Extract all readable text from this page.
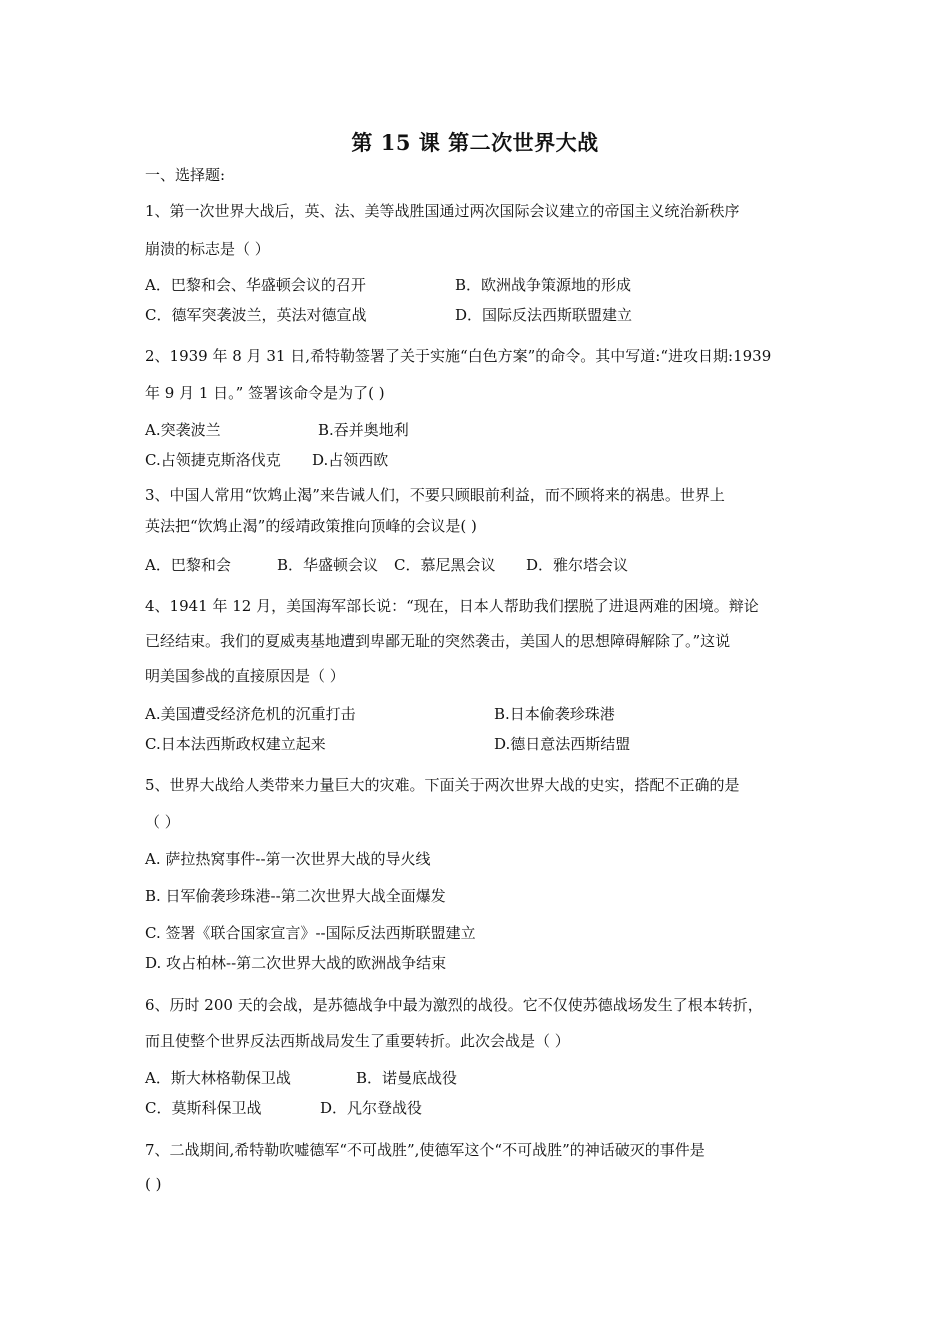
第 15 课 第二次世界大战
一、选择题:
1、第一次世界大战后，英、法、美等战胜国通过两次国际会议建立的帝国主义统治新秩序
崩溃的标志是（ ）
A．巴黎和会、华盛顿会议的召开	B．欧洲战争策源地的形成
C．德军突袭波兰，英法对德宣战	D．国际反法西斯联盟建立
2、1939 年 8 月 31 日,希特勒签署了关于实施“白色方案”的命令。其中写道:“进攻日期:1939
年 9 月 1 日。” 签署该命令是为了( )
A.突袭波兰	B.吞并奥地利
C.占领捷克斯洛伐克 D.占领西欧
3、中国人常用“饮鸩止渴”来告诫人们，不要只顾眼前利益，而不顾将来的祸患。世界上
英法把“饮鸩止渴”的绥靖政策推向顶峰的会议是( )
A．巴黎和会	B．华盛顿会议 C．慕尼黑会议 D．雅尔塔会议
4、1941 年 12 月，美国海军部长说：“现在，日本人帮助我们摆脱了进退两难的困境。辩论
已经结束。我们的夏威夷基地遭到卑鄙无耻的突然袭击，美国人的思想障碍解除了。”这说
明美国参战的直接原因是（ ）
A.美国遭受经济危机的沉重打击	B.日本偷袭珍珠港
C.日本法西斯政权建立起来	D.德日意法西斯结盟
5、世界大战给人类带来力量巨大的灾难。下面关于两次世界大战的史实，搭配不正确的是
（ ）
A. 萨拉热窝事件--第一次世界大战的导火线
B. 日军偷袭珍珠港--第二次世界大战全面爆发
C. 签署《联合国家宣言》--国际反法西斯联盟建立
D. 攻占柏林--第二次世界大战的欧洲战争结束
6、历时 200 天的会战，是苏德战争中最为激烈的战役。它不仅使苏德战场发生了根本转折，
而且使整个世界反法西斯战局发生了重要转折。此次会战是（ ）
A．斯大林格勒保卫战	B．诺曼底战役
C．莫斯科保卫战	D．凡尔登战役
7、二战期间,希特勒吹嘘德军“不可战胜”,使德军这个“不可战胜”的神话破灭的事件是
( )
